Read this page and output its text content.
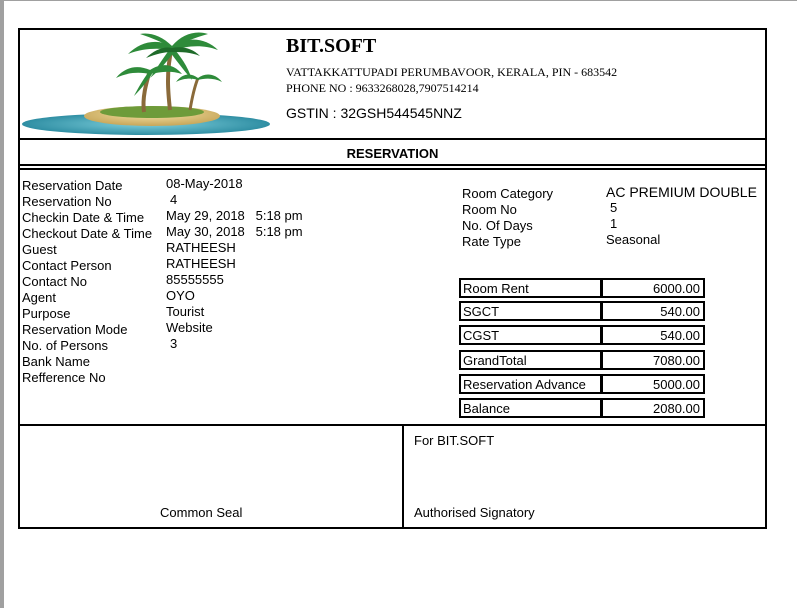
BIT.SOFT
VATTAKKATTUPADI PERUMBAVOOR, KERALA, PIN - 683542
PHONE NO : 9633268028,7907514214
GSTIN : 32GSH544545NNZ
RESERVATION
Reservation Date	08-May-2018
Reservation No	4
Checkin Date & Time May 29, 2018   5:18 pm
Checkout Date & Time May 30, 2018   5:18 pm
Guest	RATHEESH
Contact Person	RATHEESH
Contact No	85555555
Agent	OYO
Purpose	Tourist
Reservation Mode	Website
No. of Persons	3
Bank Name
Refference No
Room Category	AC PREMIUM DOUBLE
Room No	5
No. Of Days	1
Rate Type	Seasonal
Room Rent	6000.00
SGCT	540.00
CGST	540.00
GrandTotal	7080.00
Reservation Advance	5000.00
Balance	2080.00
Common Seal
For BIT.SOFT
Authorised Signatory
